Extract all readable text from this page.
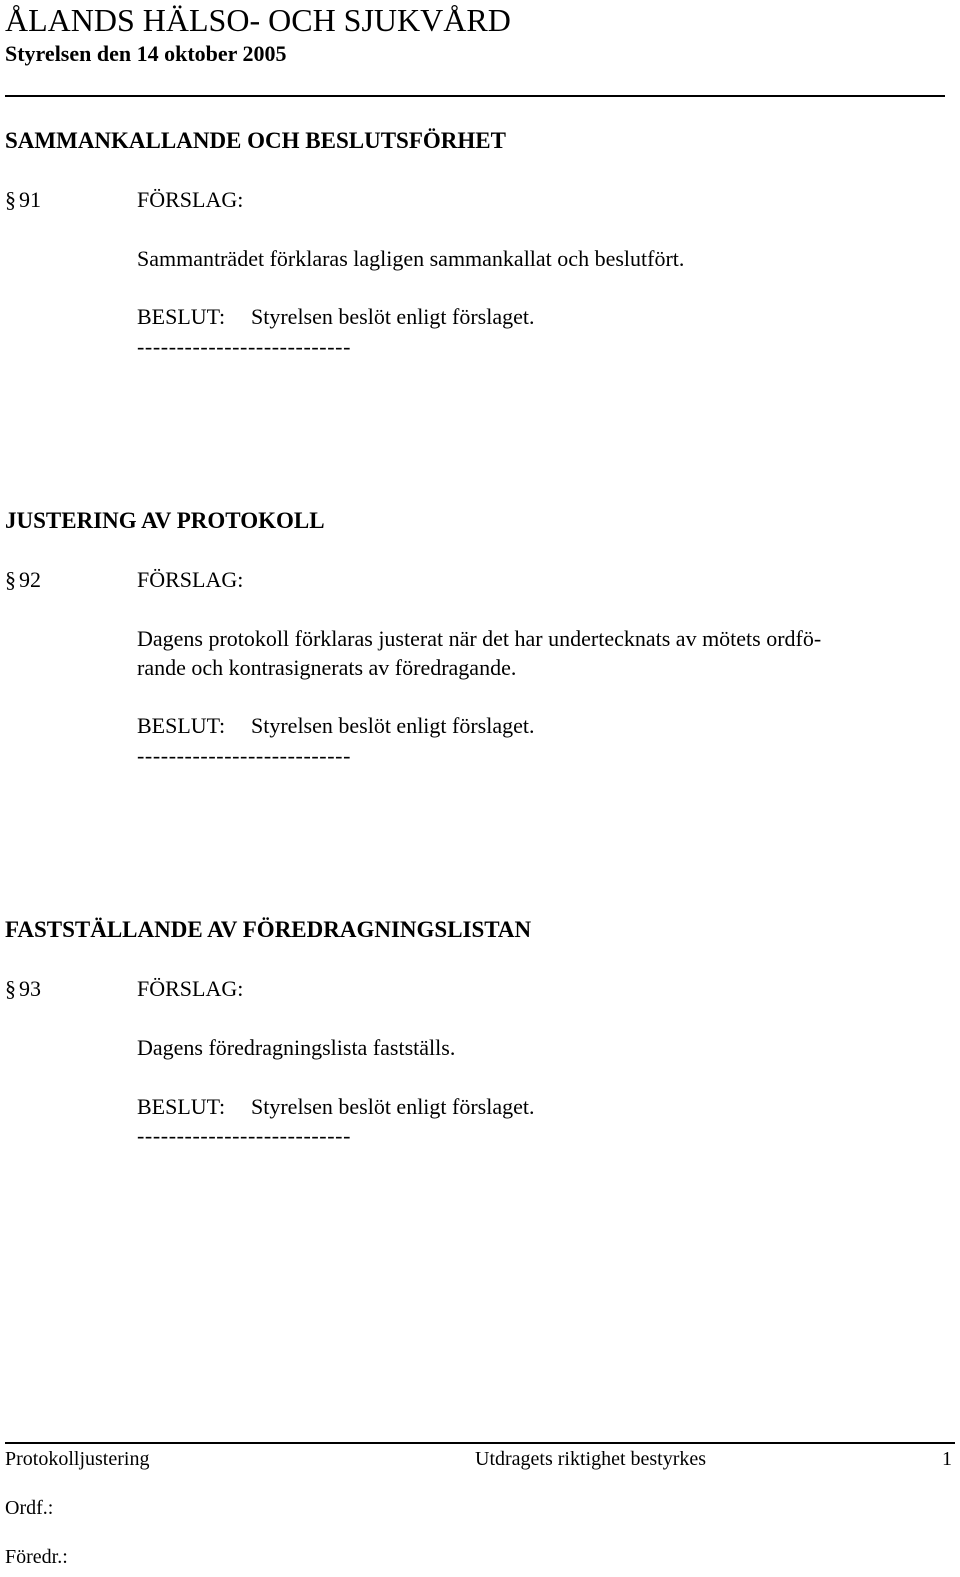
ÅLANDS HÄLSO- OCH SJUKVÅRD
Styrelsen den 14 oktober 2005
SAMMANKALLANDE OCH BESLUTSFÖRHET
§ 91	FÖRSLAG:
Sammanträdet förklaras lagligen sammankallat och beslutfört.
BESLUT: Styrelsen beslöt enligt förslaget.
---------------------------
JUSTERING AV PROTOKOLL
§ 92	FÖRSLAG:
Dagens protokoll förklaras justerat när det har undertecknats av mötets ordfö-
rande och kontrasignerats av föredragande.
BESLUT: Styrelsen beslöt enligt förslaget.
---------------------------
FASTSTÄLLANDE AV FÖREDRAGNINGSLISTAN
§ 93	FÖRSLAG:
Dagens föredragningslista fastställs.
BESLUT: Styrelsen beslöt enligt förslaget.
---------------------------
Protokolljustering	Utdragets riktighet bestyrkes	1
Ordf.:
Föredr.:
